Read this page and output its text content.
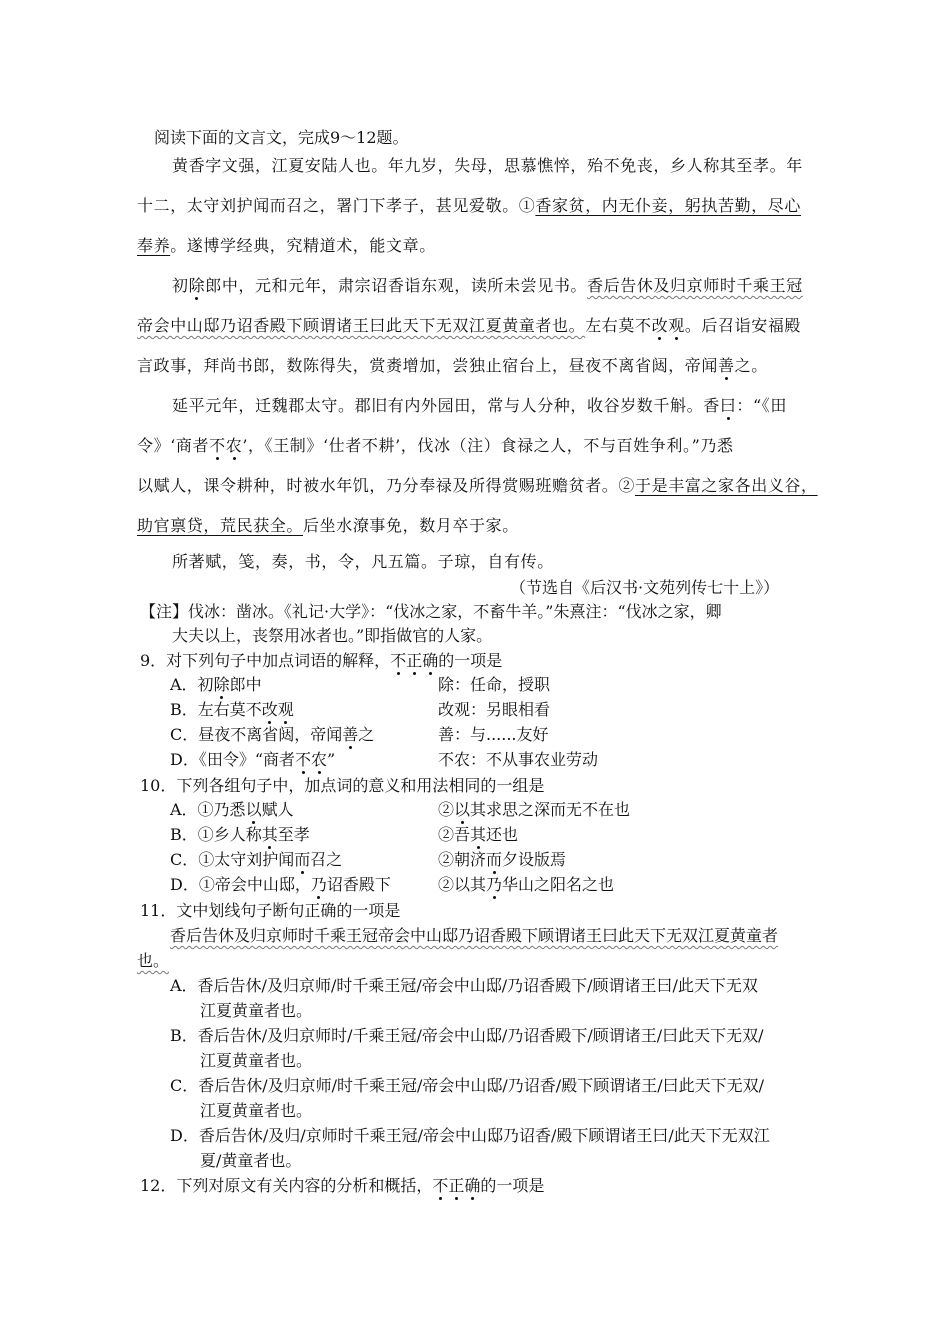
阅读下面的文言文，完成9～12题。
黄香字文强，江夏安陆人也。年九岁，失母，思慕憔悴，殆不免丧，乡人称其至孝。年
十二，太守刘护闻而召之，署门下孝子，甚见爱敬。①香家贫，内无仆妾，躬执苦勤，尽心
奉养。遂博学经典，究精道术，能文章。
初除郎中，元和元年，肃宗诏香诣东观，读所未尝见书。香后告休及归京师时千乘王冠
帝会中山邸乃诏香殿下顾谓诸王曰此天下无双江夏黄童者也。左右莫不改观。后召诣安福殿
言政事，拜尚书郎，数陈得失，赏赉增加，尝独止宿台上，昼夜不离省闼，帝闻善之。
延平元年，迁魏郡太守。郡旧有内外园田，常与人分种，收谷岁数千斛。香曰：“《田
令》‘商者不农’，《王制》‘仕者不耕’，伐冰（注）食禄之人，不与百姓争利。”乃悉
以赋人，课令耕种，时被水年饥，乃分奉禄及所得赏赐班赡贫者。②于是丰富之家各出义谷，
助官禀贷，荒民获全。后坐水潦事免，数月卒于家。
所著赋，笺，奏，书，令，凡五篇。子琼，自有传。
（节选自《后汉书·文苑列传七十上》）
【注】伐冰：凿冰。《礼记·大学》：“伐冰之家，不畜牛羊。”朱熹注：“伐冰之家，卿
大夫以上，丧祭用冰者也。”即指做官的人家。
9．对下列句子中加点词语的解释，不正确的一项是
A．初除郎中	除：任命，授职
B．左右莫不改观	改观：另眼相看
C．昼夜不离省闼，帝闻善之	善：与......友好
D．《田令》“商者不农”	不农：不从事农业劳动
10．下列各组句子中，加点词的意义和用法相同的一组是
A．①乃悉以赋人	②以其求思之深而无不在也
B．①乡人称其至孝	②吾其还也
C．①太守刘护闻而召之	②朝济而夕设版焉
D．①帝会中山邸，乃诏香殿下	②以其乃华山之阳名之也
11．文中划线句子断句正确的一项是
香后告休及归京师时千乘王冠帝会中山邸乃诏香殿下顾谓诸王曰此天下无双江夏黄童者
也。
A．香后告休/及归京师/时千乘王冠/帝会中山邸/乃诏香殿下/顾谓诸王曰/此天下无双
江夏黄童者也。
B．香后告休/及归京师时/千乘王冠/帝会中山邸/乃诏香殿下/顾谓诸王/曰此天下无双/
江夏黄童者也。
C．香后告休/及归京师/时千乘王冠/帝会中山邸/乃诏香/殿下顾谓诸王/曰此天下无双/
江夏黄童者也。
D．香后告休/及归/京师时千乘王冠/帝会中山邸乃诏香/殿下顾谓诸王曰/此天下无双江
夏/黄童者也。
12．下列对原文有关内容的分析和概括，不正确的一项是
